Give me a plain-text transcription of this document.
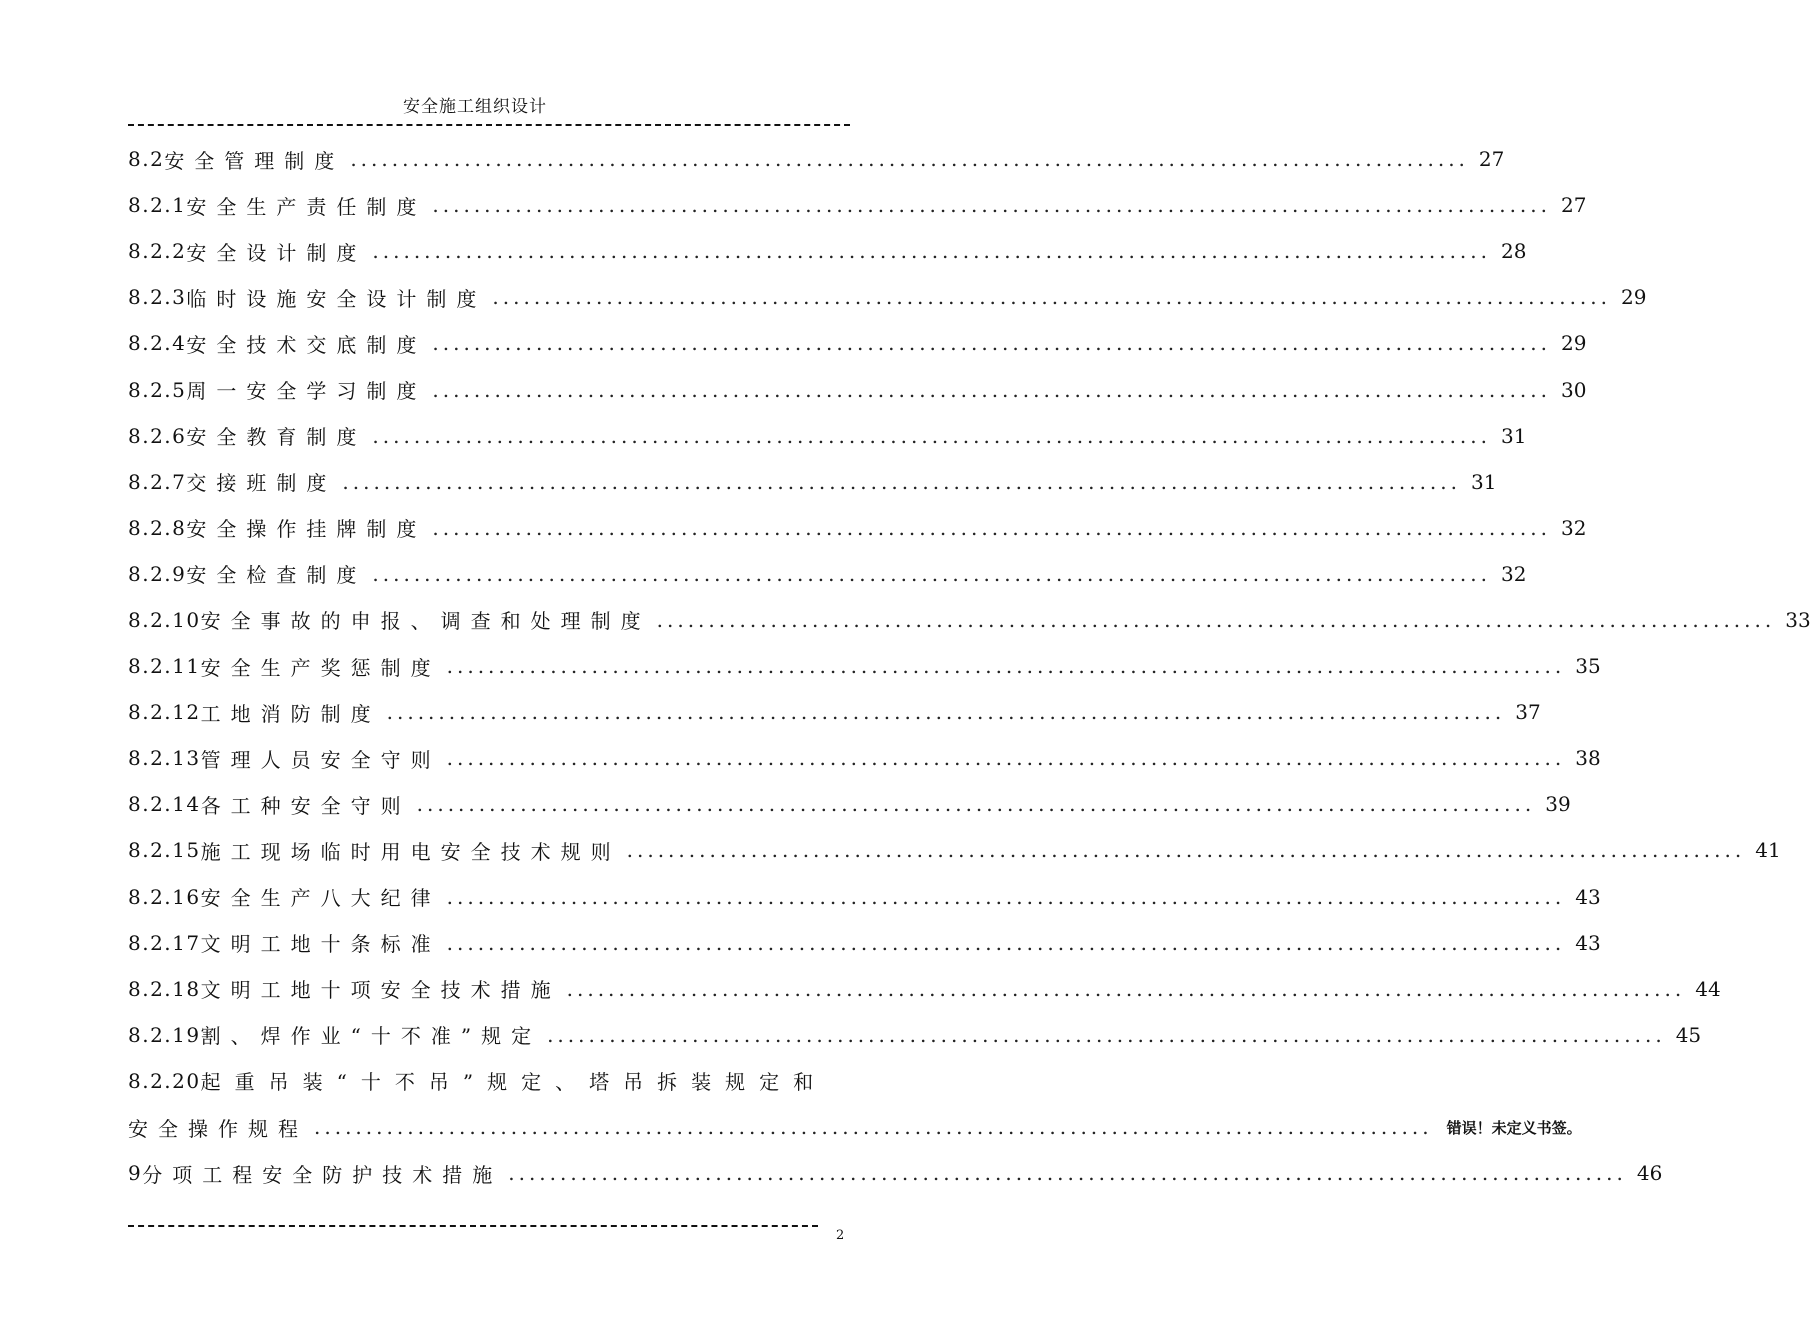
安全施工组织设计
8.2 安全管理制度 ............................................................................................................ 27
8.2.1 安全生产责任制度 ............................................................................................................ 27
8.2.2 安全设计制度 ............................................................................................................ 28
8.2.3 临时设施安全设计制度 ............................................................................................................ 29
8.2.4 安全技术交底制度 ............................................................................................................ 29
8.2.5 周一安全学习制度 ............................................................................................................ 30
8.2.6 安全教育制度 ............................................................................................................ 31
8.2.7 交接班制度 ............................................................................................................ 31
8.2.8 安全操作挂牌制度 ............................................................................................................ 32
8.2.9 安全检查制度 ............................................................................................................ 32
8.2.10 安全事故的申报、调查和处理制度 ............................................................................................................ 33
8.2.11 安全生产奖惩制度 ............................................................................................................ 35
8.2.12 工地消防制度 ............................................................................................................ 37
8.2.13 管理人员安全守则 ............................................................................................................ 38
8.2.14 各工种安全守则 ............................................................................................................ 39
8.2.15 施工现场临时用电安全技术规则 ............................................................................................................ 41
8.2.16 安全生产八大纪律 ............................................................................................................ 43
8.2.17 文明工地十条标准 ............................................................................................................ 43
8.2.18 文明工地十项安全技术措施 ............................................................................................................ 44
8.2.19 割、焊作业“十不准”规定 ............................................................................................................ 45
8.2.20 起重吊装“十不吊”规定、塔吊拆装规定和
安全操作规程 ............................................................................................................ 错误！未定义书签。
9 分项工程安全防护技术措施 ............................................................................................................ 46
2
